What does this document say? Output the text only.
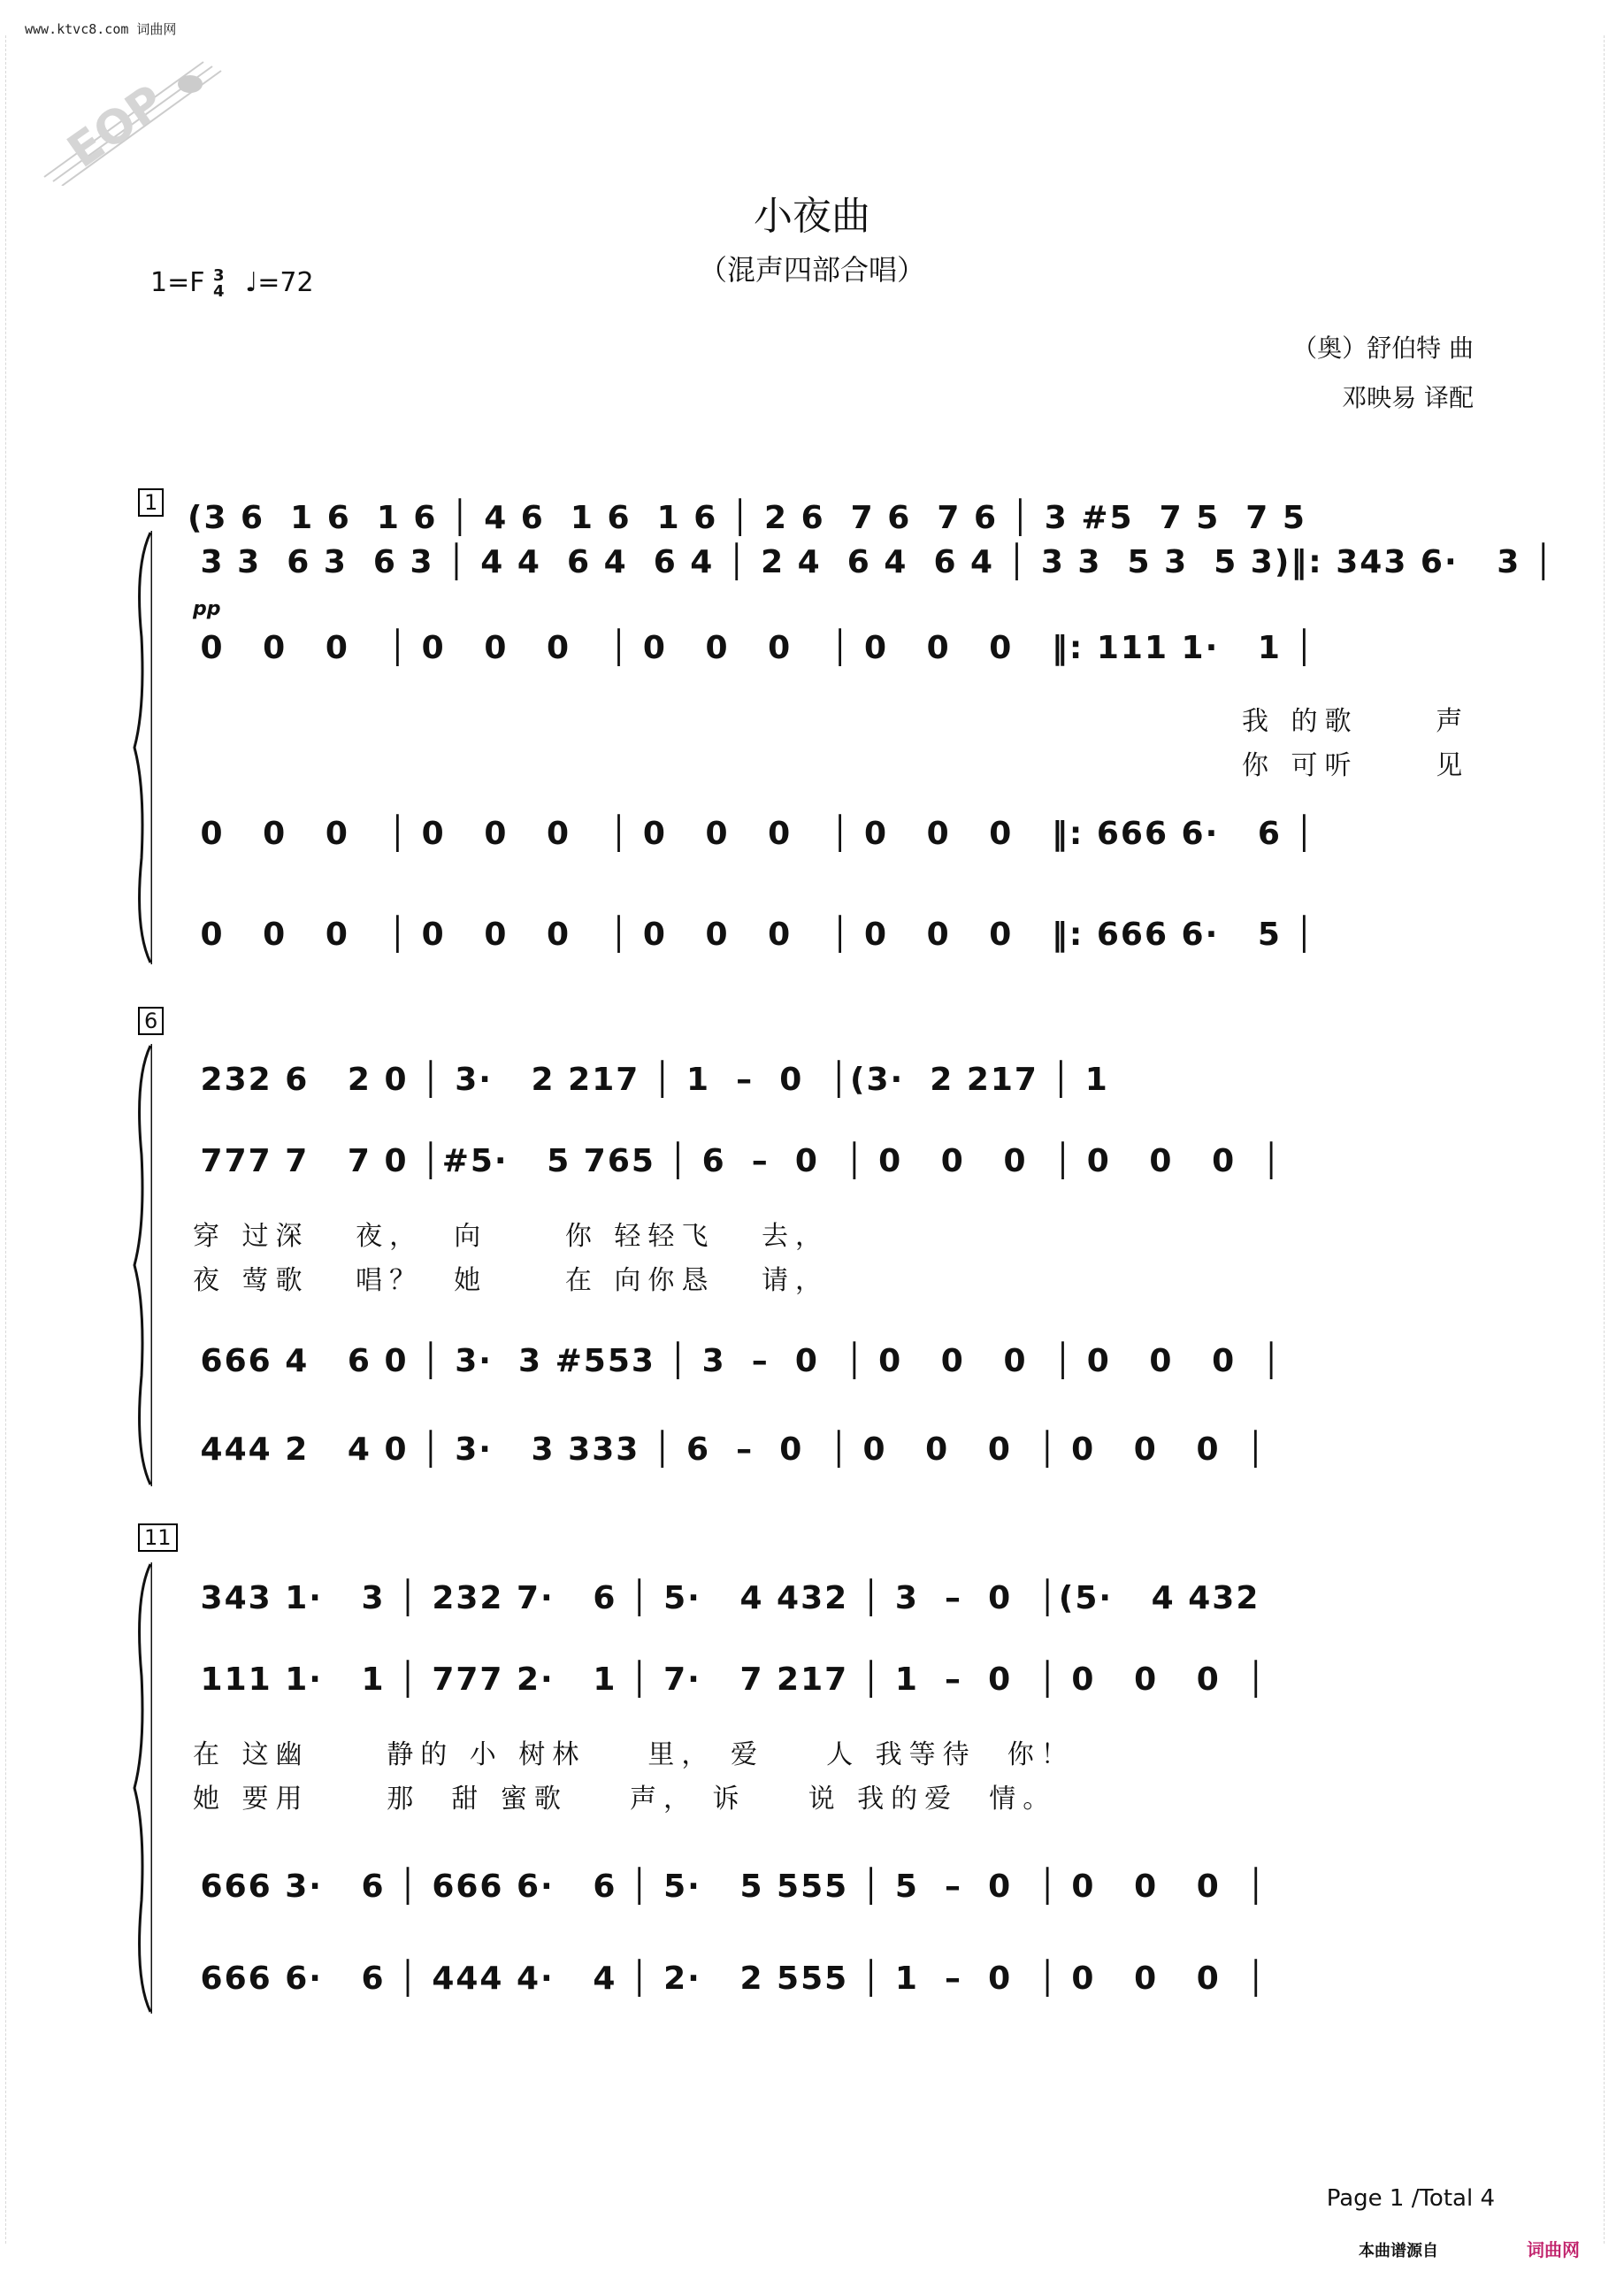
www.ktvc8.com 词曲网
EOP
小夜曲
（混声四部合唱）
1=F 3
4 ♩=72
（奥）舒伯特 曲
邓映易 译配
1 (3 6  1 6  1 6 │ 4 6  1 6  1 6 │ 2 6  7 6  7 6 │ 3 #5  7 5  7 5
3 3  6 3  6 3 │ 4 4  6 4  6 4 │ 2 4  6 4  6 4 │ 3 3  5 3  5 3)‖: 343 6·   3 │
pp
0   0   0   │ 0   0   0   │ 0   0   0   │ 0   0   0   ‖: 111 1·   1 │
我 的歌     声
你 可听     见
0   0   0   │ 0   0   0   │ 0   0   0   │ 0   0   0   ‖: 666 6·   6 │
0   0   0   │ 0   0   0   │ 0   0   0   │ 0   0   0   ‖: 666 6·   5 │
6
232 6   2 0 │ 3·   2 217 │ 1  –  0  │(3·  2 217 │ 1
777 7   7 0 │#5·   5 765 │ 6  –  0  │ 0   0   0  │ 0   0   0  │
穿 过深   夜，  向     你 轻轻飞   去，
夜 莺歌   唱？  她     在 向你恳   请，
666 4   6 0 │ 3·  3 #553 │ 3  –  0  │ 0   0   0  │ 0   0   0  │
444 2   4 0 │ 3·   3 333 │ 6  –  0  │ 0   0   0  │ 0   0   0  │
11
343 1·   3 │ 232 7·   6 │ 5·   4 432 │ 3  –  0  │(5·   4 432
111 1·   1 │ 777 2·   1 │ 7·   7 217 │ 1  –  0  │ 0   0   0  │
在 这幽     静的 小 树林    里， 爱    人 我等待  你！
她 要用     那  甜 蜜歌    声， 诉    说 我的爱  情。
666 3·   6 │ 666 6·   6 │ 5·   5 555 │ 5  –  0  │ 0   0   0  │
666 6·   6 │ 444 4·   4 │ 2·   2 555 │ 1  –  0  │ 0   0   0  │
Page 1 /Total 4
本曲谱源自	词曲网
